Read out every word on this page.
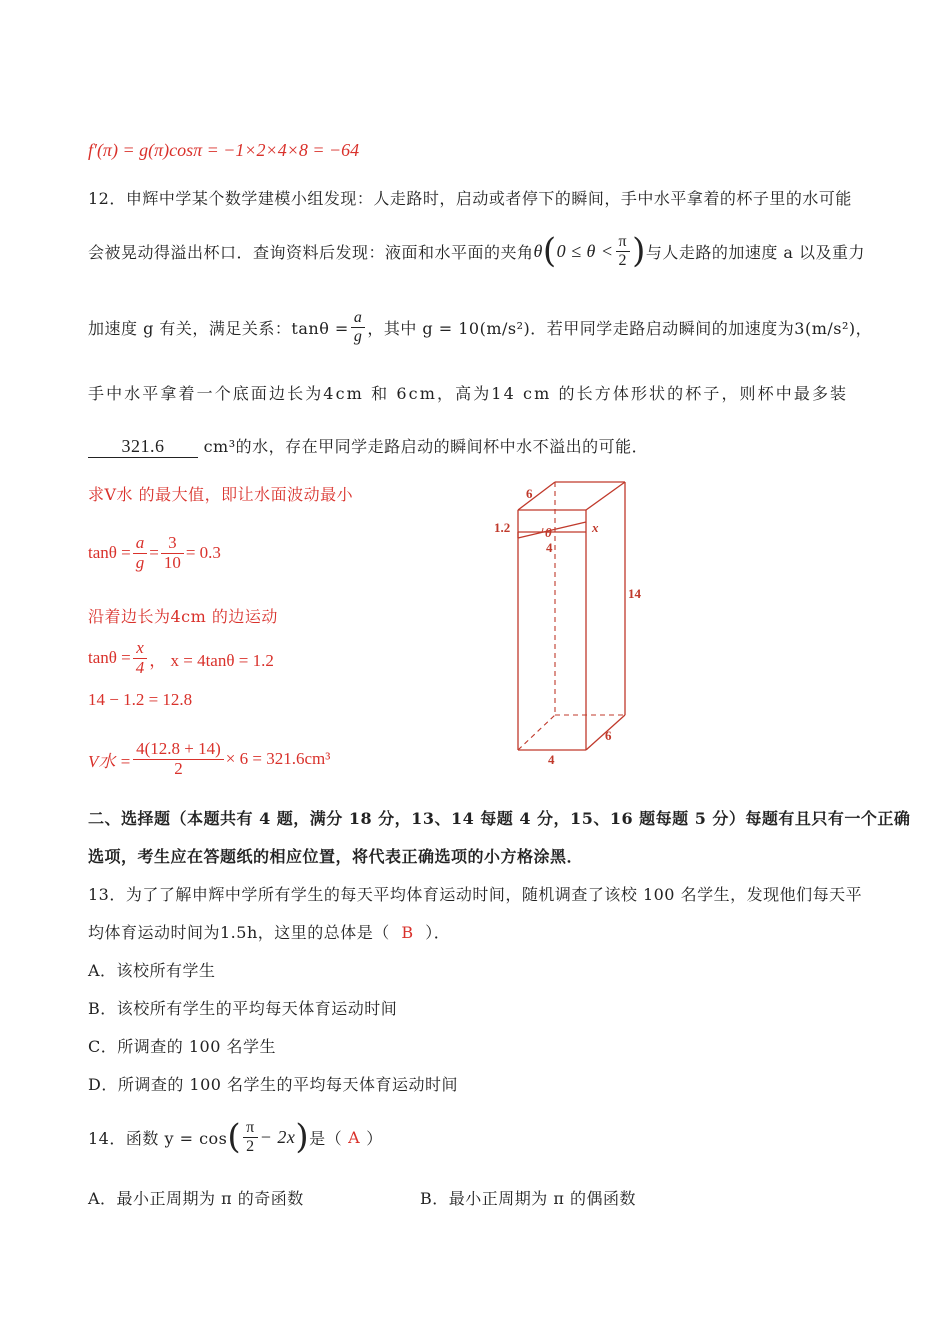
f′(π) = g(π)cosπ = −1×2×4×8 = −64
12．申辉中学某个数学建模小组发现：人走路时，启动或者停下的瞬间，手中水平拿着的杯子里的水可能
会被晃动得溢出杯口．查询资料后发现：液面和水平面的夹角 θ ( $0 \le \theta < \frac{\pi}{2}$ ) 与人走路的加速度 a 以及重力
加速度 g 有关，满足关系：$\tan\theta = \frac{a}{g}$ ，其中 g = 10(m/s²)．若甲同学走路启动瞬间的加速度为3(m/s²)，
手中水平拿着一个底面边长为4cm 和 6cm，高为14 cm 的长方体形状的杯子，则杯中最多装
321.6 cm³的水，存在甲同学走路启动的瞬间杯中水不溢出的可能．
求V水 的最大值，即让水面波动最小
$\tan\theta = \frac{a}{g} = \frac{3}{10} = 0.3$
沿着边长为4cm 的边运动
$\tan\theta = \frac{x}{4}$ ， x = 4tanθ = 1.2
14 − 1.2 = 12.8
V水 = $\frac{4(12.8 + 14)}{2} \times 6 = 321.6cm^3$
6
1.2	θ
4
x
14
6
4
二、选择题（本题共有 4 题，满分 18 分，13、14 每题 4 分，15、16 题每题 5 分）每题有且只有一个正确
选项，考生应在答题纸的相应位置，将代表正确选项的小方格涂黑．
13．为了了解申辉中学所有学生的每天平均体育运动时间，随机调查了该校 100 名学生，发现他们每天平
均体育运动时间为1.5h，这里的总体是（ B ）．
A．该校所有学生
B．该校所有学生的平均每天体育运动时间
C．所调查的 100 名学生
D．所调查的 100 名学生的平均每天体育运动时间
14．函数 y = cos ( $\frac{\pi}{2} - 2x$ ) 是（ A ）
A．最小正周期为 π 的奇函数	B．最小正周期为 π 的偶函数
